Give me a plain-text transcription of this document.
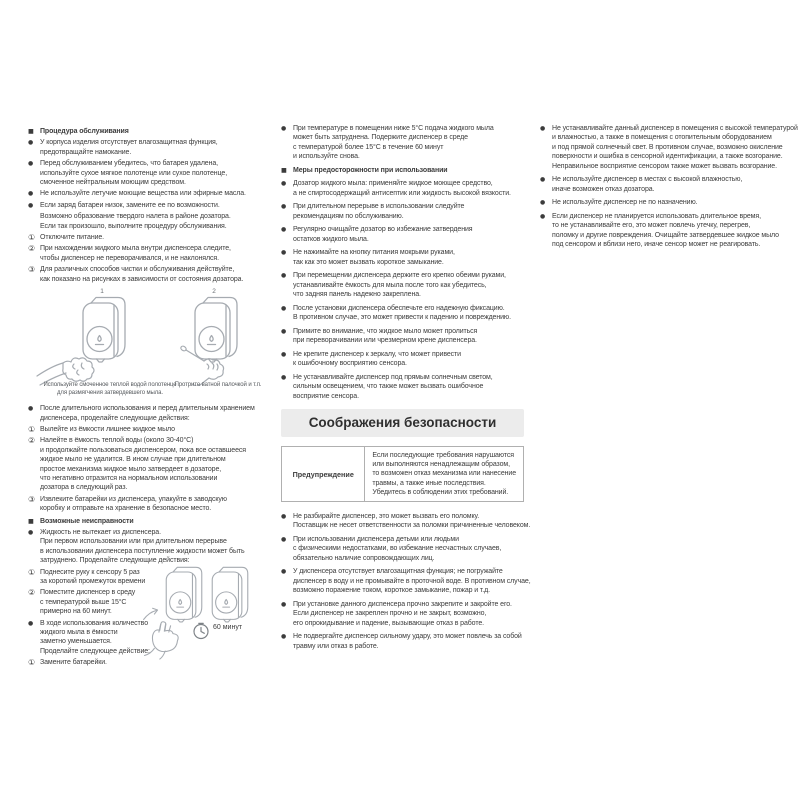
■ Процедура обслуживания
● У корпуса изделия отсутствует влагозащитная функция,
предотвращайте намокание.
● Перед обслуживанием убедитесь, что батарея удалена,
используйте сухое мягкое полотенце или сухое полотенце,
смоченное нейтральным моющим средством.
● Не используйте летучие моющие вещества или эфирные масла.
● Если заряд батареи низок, замените ее по возможности.
Возможно образование твердого налета в районе дозатора.
Если так произошло, выполните процедуру обслуживания.
① Отключите питание.
② При нахождении жидкого мыла внутри диспенсера следите,
чтобы диспенсер не переворачивался, и не наклонялся.
③ Для различных способов чистки и обслуживания действуйте,
как показано на рисунках в зависимости от состояния дозатора.
1	2
Используйте смоченное теплой водой полотенце
для размягчения затвердевшего мыла.
Протрите ватной палочкой и т.п.
● После длительного использования и перед длительным хранением
диспенсера, проделайте следующие действия:
① Вылейте из ёмкости лишнее жидкое мыло
② Налейте в ёмкость теплой воды (около 30-40°C)
и продолжайте пользоваться диспенсером, пока все оставшееся
жидкое мыло не удалится. В ином случае при длительном
простое механизма жидкое мыло затвердеет в дозаторе,
что негативно отразится на нормальном использовании
дозатора в следующий раз.
③ Извлеките батарейки из диспенсера, упакуйте в заводскую
коробку и отправьте на хранение в безопасное место.
■ Возможные неисправности
● Жидкость не вытекает из диспенсера.
При первом использовании или при длительном перерыве
в использовании диспенсера поступление жидкости может быть
затруднено. Проделайте следующие действия:
① Поднесите руку к сенсору 5 раз
за короткий промежуток времени
② Поместите диспенсер в среду
с температурой выше 15°C
примерно на 60 минут.
● В ходе использования количество
жидкого мыла в ёмкости
заметно уменьшается.
Проделайте следующее действие:
① Замените батарейки.
60 минут
● При температуре в помещении ниже 5°C подача жидкого мыла
может быть затруднена. Подержите диспенсер в среде
с температурой более 15°C в течение 60 минут
и используйте снова.
■ Меры предосторожности при использовании
● Дозатор жидкого мыла: применяйте жидкое моющее средство,
а не спиртосодержащий антисептик или жидкость высокой вязкости.
● При длительном перерыве в использовании следуйте
рекомендациям по обслуживанию.
● Регулярно очищайте дозатор во избежание затвердения
остатков жидкого мыла.
● Не нажимайте на кнопку питания мокрыми руками,
так как это может вызвать короткое замыкание.
● При перемещении диспенсера держите его крепко обеими руками,
устанавливайте ёмкость для мыла после того как убедитесь,
что задняя панель надежно закреплена.
● После установки диспенсера обеспечьте его надежную фиксацию.
В противном случае, это может привести к падению и повреждению.
● Примите во внимание, что жидкое мыло может пролиться
при переворачивании или чрезмерном крене диспенсера.
● Не крепите диспенсер к зеркалу, что может привести
к ошибочному восприятию сенсора.
● Не устанавливайте диспенсер под прямым солнечным светом,
сильным освещением, что также может вызвать ошибочное
восприятие сенсора.
Соображения безопасности
Предупреждение	
Если последующие требования нарушаются
или выполняются ненадлежащим образом,
то возможен отказ механизма или нанесение
травмы, а также иные последствия.
Убедитесь в соблюдении этих требований.
● Не разбирайте диспенсер, это может вызвать его поломку.
Поставщик не несет ответственности за поломки причиненные человеком.
● При использовании диспенсера детьми или людьми
с физическими недостатками, во избежание несчастных случаев,
обязательно наличие сопровождающих лиц.
● У диспенсера отсутствует влагозащитная функция; не погружайте
диспенсер в воду и не промывайте в проточной воде. В противном случае,
возможно поражение током, короткое замыкание, пожар и т.д.
● При установке данного диспенсера прочно закрепите и закройте его.
Если диспенсер не закреплен прочно и не закрыт, возможно,
его опрокидывание и падение, вызывающие отказ в работе.
● Не подвергайте диспенсер сильному удару, это может повлечь за собой
травму или отказ в работе.
● Не устанавливайте данный диспенсер в помещения с высокой температурой
и влажностью, а также в помещения с отопительным оборудованием
и под прямой солнечный свет. В противном случае, возможно окисление
поверхности и ошибка в сенсорной идентификации, а также возгорание.
Неправильное восприятие сенсором также может вызвать возгорание.
● Не используйте диспенсер в местах с высокой влажностью,
иначе возможен отказ дозатора.
● Не используйте диспенсер не по назначению.
● Если диспенсер не планируется использовать длительное время,
то не устанавливайте его, это может повлечь утечку, перегрев,
поломку и другие повреждения. Очищайте затвердевшее жидкое мыло
под сенсором и вблизи него, иначе сенсор может не реагировать.
